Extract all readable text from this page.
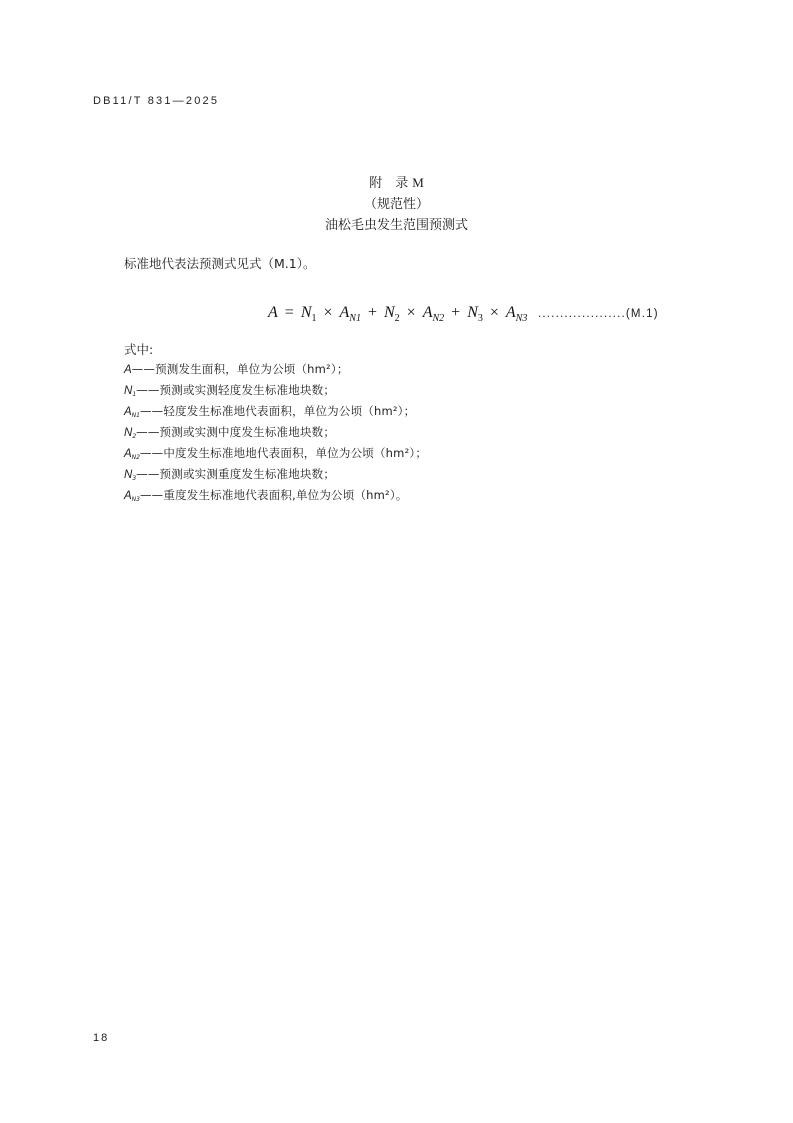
DB11/T 831—2025
附　录 M
（规范性）
油松毛虫发生范围预测式
标准地代表法预测式见式（M.1）。
$A = N_1 \times A_{N1} + N_2 \times A_{N2} + N_3 \times A_{N3}$ ....................(M.1)
式中:
A——预测发生面积，单位为公顷（hm²）；
N1——预测或实测轻度发生标准地块数；
AN1——轻度发生标准地代表面积，单位为公顷（hm²）；
N2——预测或实测中度发生标准地块数；
AN2——中度发生标准地地代表面积，单位为公顷（hm²）；
N3——预测或实测重度发生标准地块数；
AN3——重度发生标准地代表面积,单位为公顷（hm²）。
18
